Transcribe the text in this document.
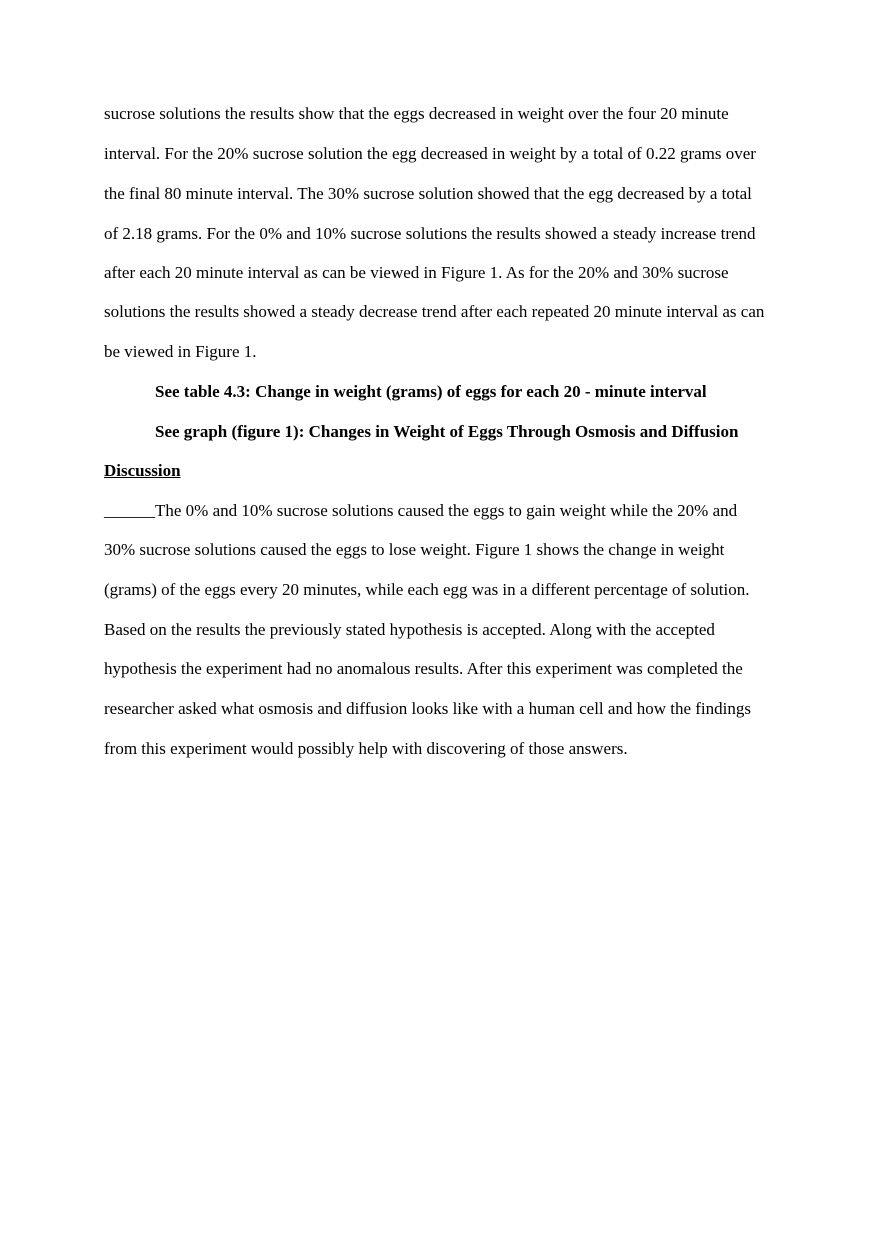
sucrose solutions the results show that the eggs decreased in weight over the four 20 minute
interval. For the 20% sucrose solution the egg decreased in weight by a total of 0.22 grams over
the final 80 minute interval. The 30% sucrose solution showed that the egg decreased by a total
of 2.18 grams. For the 0% and 10% sucrose solutions the results showed a steady increase trend
after each 20 minute interval as can be viewed in Figure 1. As for the 20% and 30% sucrose
solutions the results showed a steady decrease trend after each repeated 20 minute interval as can
be viewed in Figure 1.
See table 4.3: Change in weight (grams) of eggs for each 20 - minute interval
See graph (figure 1): Changes in Weight of Eggs Through Osmosis and Diffusion
Discussion
______The 0% and 10% sucrose solutions caused the eggs to gain weight while the 20% and
30% sucrose solutions caused the eggs to lose weight. Figure 1 shows the change in weight
(grams) of the eggs every 20 minutes, while each egg was in a different percentage of solution.
Based on the results the previously stated hypothesis is accepted. Along with the accepted
hypothesis the experiment had no anomalous results. After this experiment was completed the
researcher asked what osmosis and diffusion looks like with a human cell and how the findings
from this experiment would possibly help with discovering of those answers.
